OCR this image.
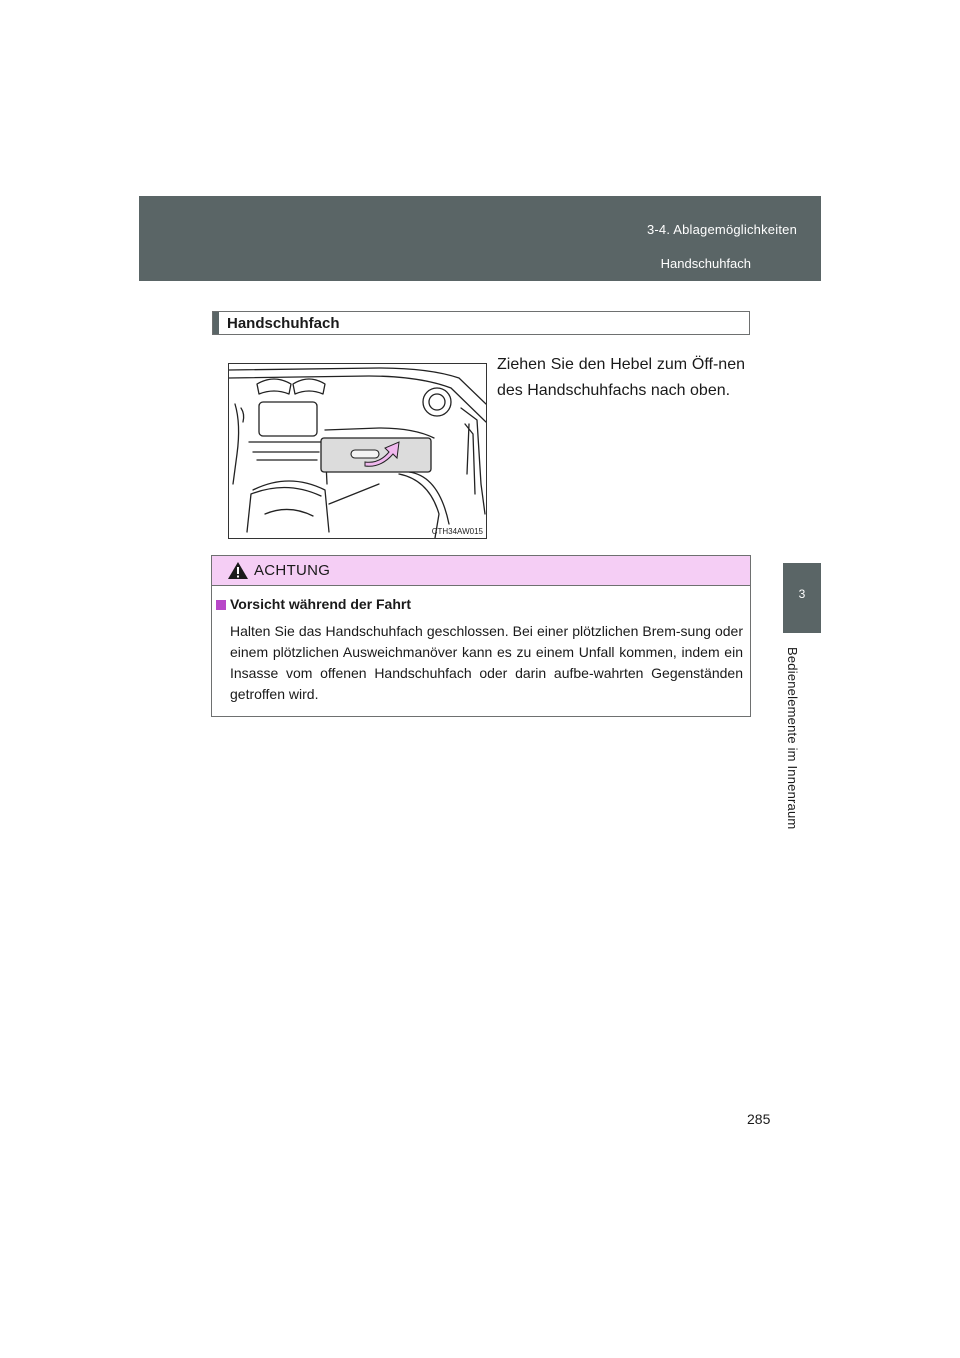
3-4. Ablagemöglichkeiten
Handschuhfach
3
Bedienelemente im Innenraum
Handschuhfach
CTH34AW015
Ziehen Sie den Hebel zum Öff-nen des Handschuhfachs nach oben.
ACHTUNG
Vorsicht während der Fahrt
Halten Sie das Handschuhfach geschlossen. Bei einer plötzlichen Brem-sung oder einem plötzlichen Ausweichmanöver kann es zu einem Unfall kommen, indem ein Insasse vom offenen Handschuhfach oder darin aufbe-wahrten Gegenständen getroffen wird.
285
